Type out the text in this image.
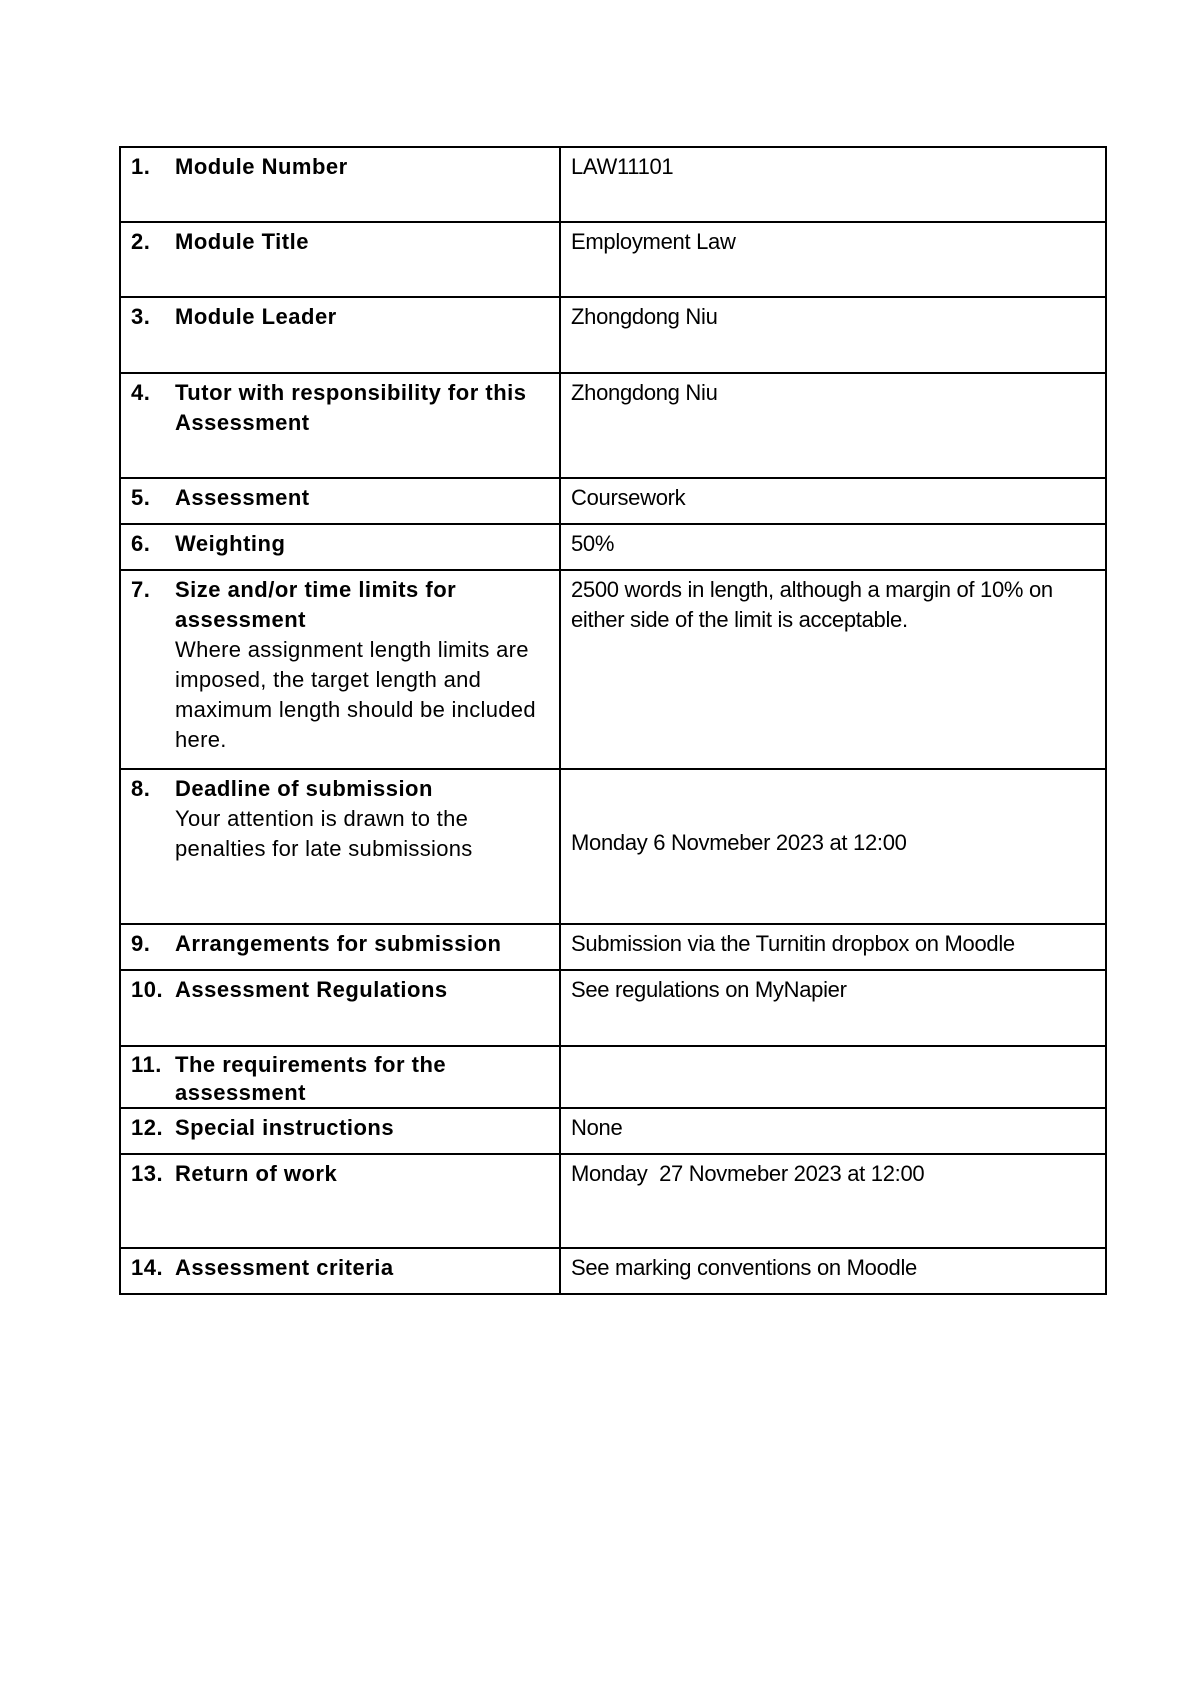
1. Module Number	LAW11101

2. Module Title	Employment Law

3. Module Leader	Zhongdong Niu

4. Tutor with responsibility for this Assessment	Zhongdong Niu

5. Assessment	Coursework

6. Weighting	50%

7. Size and/or time limits for assessment
Where assignment length limits are imposed, the target length and maximum length should be included here.	2500 words in length, although a margin of 10% on either side of the limit is acceptable.

8. Deadline of submission
Your attention is drawn to the penalties for late submissions	Monday 6 Novmeber 2023 at 12:00

9. Arrangements for submission	Submission via the Turnitin dropbox on Moodle

10. Assessment Regulations	See regulations on MyNapier

11. The requirements for the assessment	

12. Special instructions	None

13. Return of work	Monday  27 Novmeber 2023 at 12:00

14. Assessment criteria	See marking conventions on Moodle
